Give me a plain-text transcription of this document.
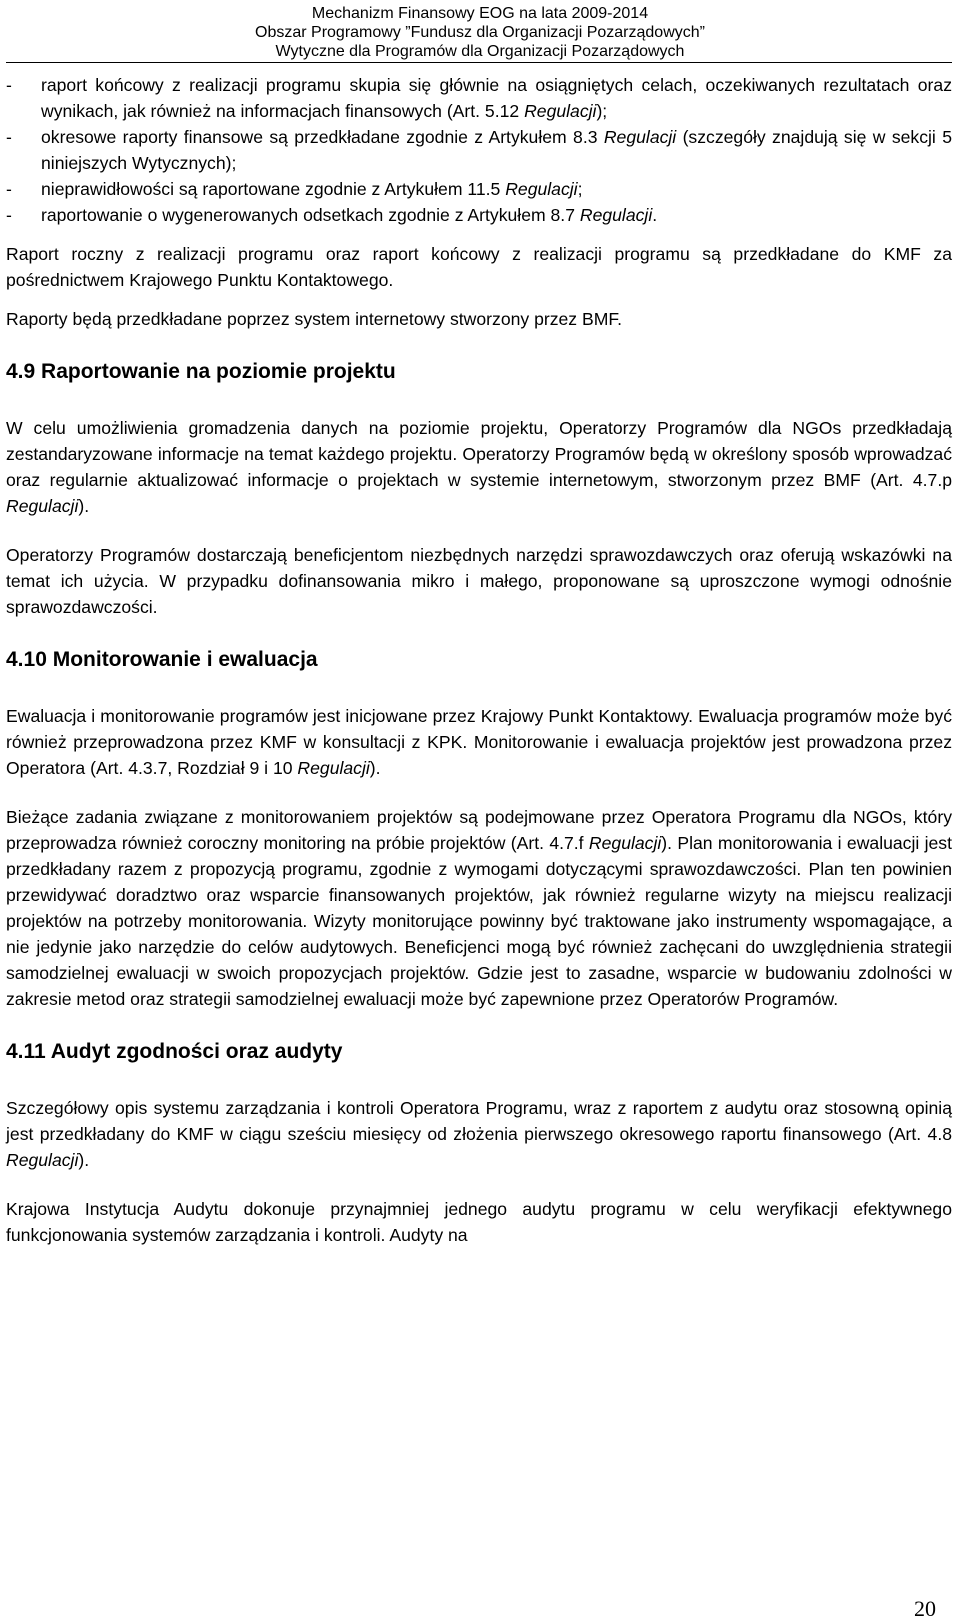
Mechanizm Finansowy EOG na lata 2009-2014
Obszar Programowy ”Fundusz dla Organizacji Pozarządowych”
Wytyczne dla Programów dla Organizacji Pozarządowych
- raport końcowy z realizacji programu skupia się głównie na osiągniętych celach, oczekiwanych rezultatach oraz wynikach, jak również na informacjach finansowych (Art. 5.12 Regulacji);
- okresowe raporty finansowe są przedkładane zgodnie z Artykułem 8.3 Regulacji (szczegóły znajdują się w sekcji 5 niniejszych Wytycznych);
- nieprawidłowości są raportowane zgodnie z Artykułem 11.5 Regulacji;
- raportowanie o wygenerowanych odsetkach zgodnie z Artykułem 8.7 Regulacji.

Raport roczny z realizacji programu oraz raport końcowy z realizacji programu są przedkładane do KMF za pośrednictwem Krajowego Punktu Kontaktowego.

Raporty będą przedkładane poprzez system internetowy stworzony przez BMF.

4.9 Raportowanie na poziomie projektu

W celu umożliwienia gromadzenia danych na poziomie projektu, Operatorzy Programów dla NGOs przedkładają zestandaryzowane informacje na temat każdego projektu. Operatorzy Programów będą w określony sposób wprowadzać oraz regularnie aktualizować informacje o projektach w systemie internetowym, stworzonym przez BMF (Art. 4.7.p Regulacji).

Operatorzy Programów dostarczają beneficjentom niezbędnych narzędzi sprawozdawczych oraz oferują wskazówki na temat ich użycia. W przypadku dofinansowania mikro i małego, proponowane są uproszczone wymogi odnośnie sprawozdawczości.

4.10 Monitorowanie i ewaluacja

Ewaluacja i monitorowanie programów jest inicjowane przez Krajowy Punkt Kontaktowy. Ewaluacja programów może być również przeprowadzona przez KMF w konsultacji z KPK. Monitorowanie i ewaluacja projektów jest prowadzona przez Operatora (Art. 4.3.7, Rozdział 9 i 10 Regulacji).

Bieżące zadania związane z monitorowaniem projektów są podejmowane przez Operatora Programu dla NGOs, który przeprowadza również coroczny monitoring na próbie projektów (Art. 4.7.f Regulacji). Plan monitorowania i ewaluacji jest przedkładany razem z propozycją programu, zgodnie z wymogami dotyczącymi sprawozdawczości. Plan ten powinien przewidywać doradztwo oraz wsparcie finansowanych projektów, jak również regularne wizyty na miejscu realizacji projektów na potrzeby monitorowania. Wizyty monitorujące powinny być traktowane jako instrumenty wspomagające, a nie jedynie jako narzędzie do celów audytowych. Beneficjenci mogą być również zachęcani do uwzględnienia strategii samodzielnej ewaluacji w swoich propozycjach projektów. Gdzie jest to zasadne, wsparcie w budowaniu zdolności w zakresie metod oraz strategii samodzielnej ewaluacji może być zapewnione przez Operatorów Programów.

4.11 Audyt zgodności oraz audyty

Szczegółowy opis systemu zarządzania i kontroli Operatora Programu, wraz z raportem z audytu oraz stosowną opinią jest przedkładany do KMF w ciągu sześciu miesięcy od złożenia pierwszego okresowego raportu finansowego (Art. 4.8 Regulacji).

Krajowa Instytucja Audytu dokonuje przynajmniej jednego audytu programu w celu weryfikacji efektywnego funkcjonowania systemów zarządzania i kontroli. Audyty na

20
